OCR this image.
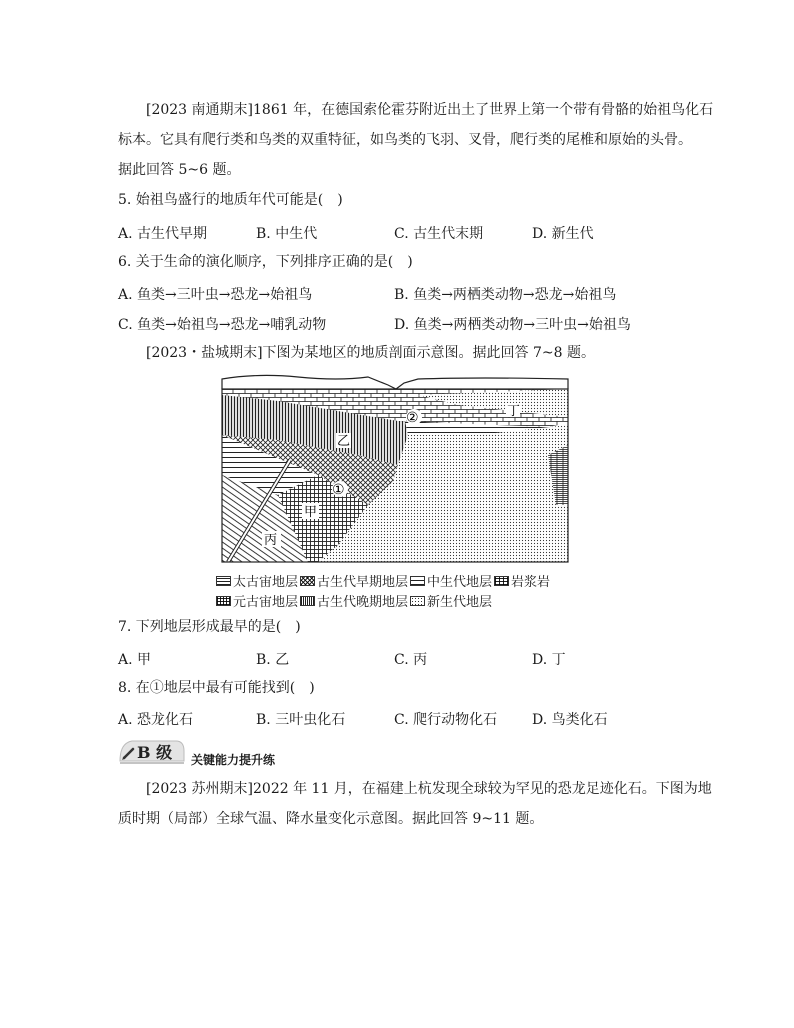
[2023 南通期末]1861 年，在德国索伦霍芬附近出土了世界上第一个带有骨骼的始祖鸟化石
标本。它具有爬行类和鸟类的双重特征，如鸟类的飞羽、叉骨，爬行类的尾椎和原始的头骨。
据此回答 5~6 题。
5. 始祖鸟盛行的地质年代可能是(　)
A. 古生代早期	B. 中生代	C. 古生代末期	D. 新生代
6. 关于生命的演化顺序，下列排序正确的是(　)
A. 鱼类→三叶虫→恐龙→始祖鸟	B. 鱼类→两栖类动物→恐龙→始祖鸟
C. 鱼类→始祖鸟→恐龙→哺乳动物	D. 鱼类→两栖类动物→三叶虫→始祖鸟
[2023・盐城期末]下图为某地区的地质剖面示意图。据此回答 7~8 题。
丁
②
乙
①
甲
丙
太古宙地层 古生代早期地层 中生代地层 岩浆岩
元古宙地层 古生代晚期地层 新生代地层
7. 下列地层形成最早的是(　)
A. 甲	B. 乙	C. 丙	D. 丁
8. 在①地层中最有可能找到(　)
A. 恐龙化石	B. 三叶虫化石	C. 爬行动物化石 D. 鸟类化石
B 级 关键能力提升练
[2023 苏州期末]2022 年 11 月，在福建上杭发现全球较为罕见的恐龙足迹化石。下图为地
质时期（局部）全球气温、降水量变化示意图。据此回答 9~11 题。
